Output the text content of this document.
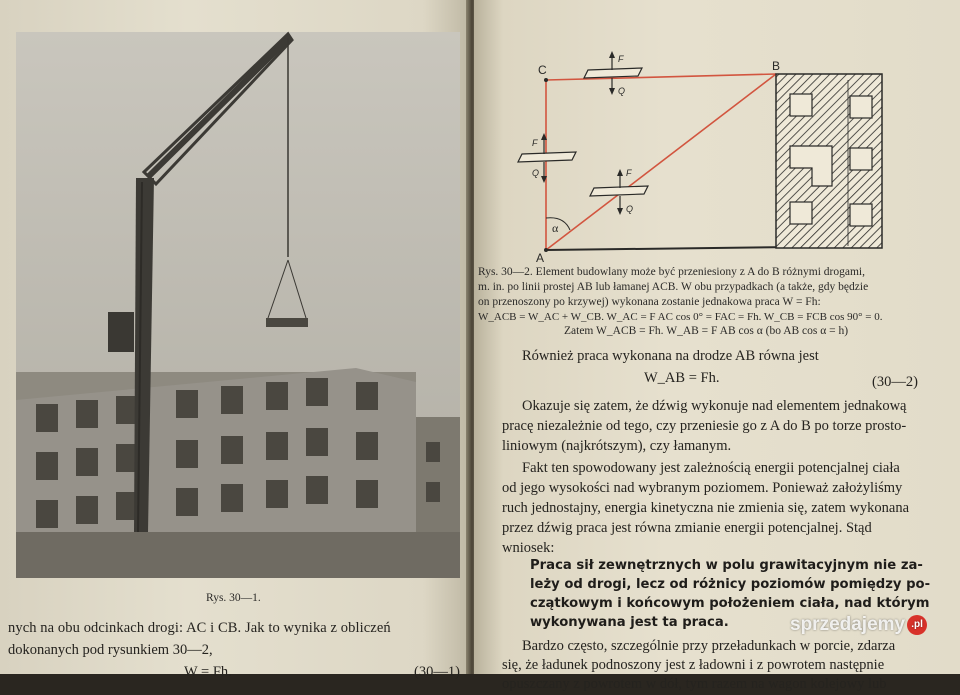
Rys. 30—1.
nych na obu odcinkach drogi: AC i CB. Jak to wynika z obliczeń
dokonanych pod rysunkiem 30—2,
W = Fh.	(30—1)
A
C	B
α
F
Q
F
Q	F
Q
Rys. 30—2. Element budowlany może być przeniesiony z A do B różnymi drogami,
m. in. po linii prostej AB lub łamanej ACB. W obu przypadkach (a także, gdy będzie
on przenoszony po krzywej) wykonana zostanie jednakowa praca W = Fh:
W_ACB = W_AC + W_CB. W_AC = F AC cos 0° = FAC = Fh. W_CB = FCB cos 90° = 0.
Zatem W_ACB = Fh. W_AB = F AB cos α (bo AB cos α = h)
Również praca wykonana na drodze AB równa jest
W_AB = Fh.	(30—2)
Okazuje się zatem, że dźwig wykonuje nad elementem jednakową
pracę niezależnie od tego, czy przeniesie go z A do B po torze prosto-
liniowym (najkrótszym), czy łamanym.
Fakt ten spowodowany jest zależnością energii potencjalnej ciała
od jego wysokości nad wybranym poziomem. Ponieważ założyliśmy
ruch jednostajny, energia kinetyczna nie zmienia się, zatem wykonana
przez dźwig praca jest równa zmianie energii potencjalnej. Stąd
wniosek:
Praca sił zewnętrznych w polu grawitacyjnym nie za-
leży od drogi, lecz od różnicy poziomów pomiędzy po-
czątkowym i końcowym położeniem ciała, nad którym
wykonywana jest ta praca.
Bardzo często, szczególnie przy przeładunkach w porcie, zdarza
się, że ładunek podnoszony jest z ładowni i z powrotem następnie
opuszczany z powrotem w dół, tym razem na wagon kolejowy lub
sprzedajemy .pl
